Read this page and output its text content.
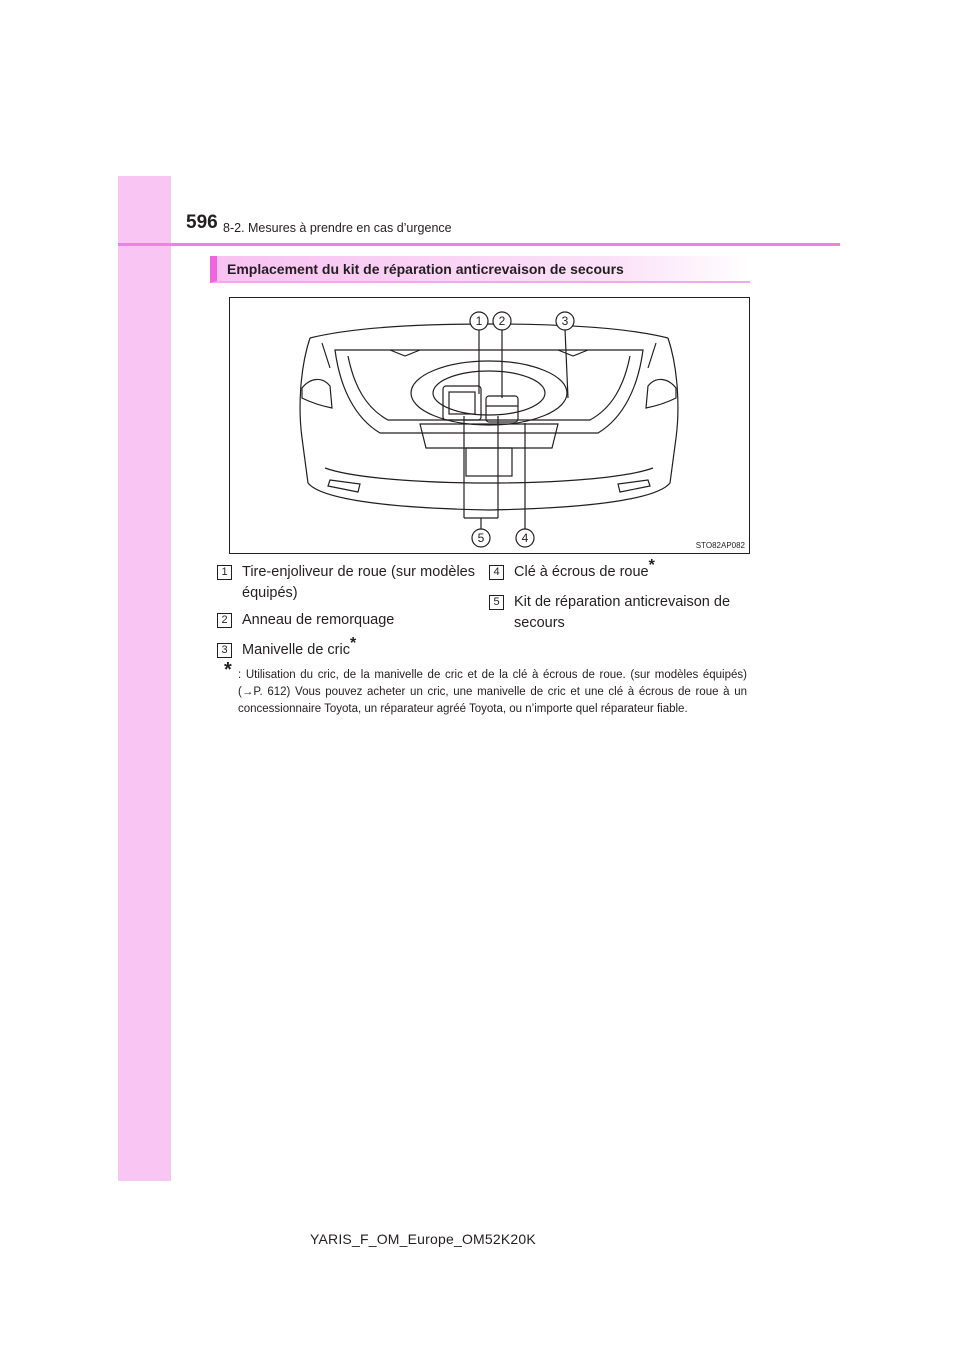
596 8-2. Mesures à prendre en cas d’urgence
Emplacement du kit de réparation anticrevaison de secours
1 2	3
4
5
STO82AP082
1 Tire-enjoliveur de roue (sur modèles équipés)
2 Anneau de remorquage
3 Manivelle de cric*
4 Clé à écrous de roue*
5 Kit de réparation anticrevaison de secours
* : Utilisation du cric, de la manivelle de cric et de la clé à écrous de roue. (sur modèles équipés) (→P. 612) Vous pouvez acheter un cric, une manivelle de cric et une clé à écrous de roue à un concessionnaire Toyota, un réparateur agréé Toyota, ou n’importe quel réparateur fiable.
YARIS_F_OM_Europe_OM52K20K
